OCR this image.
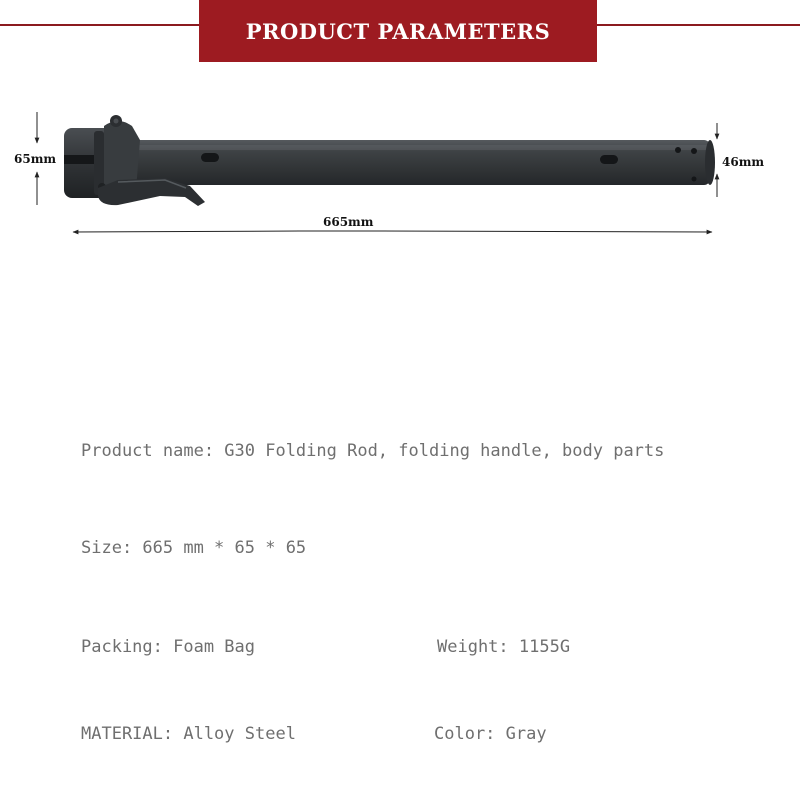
PRODUCT PARAMETERS
65mm	46mm
665mm
Product name: G30 Folding Rod, folding handle, body parts
Size: 665 mm * 65 * 65
Packing: Foam Bag	Weight: 1155G
MATERIAL: Alloy Steel	Color: Gray
